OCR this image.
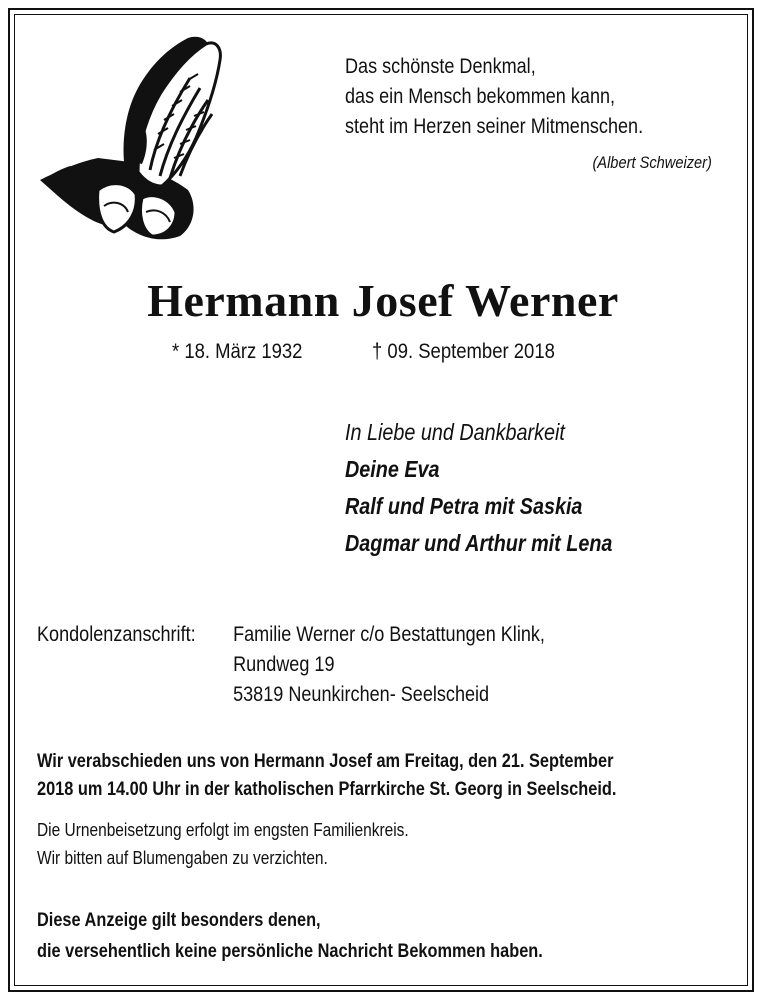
Das schönste Denkmal,
das ein Mensch bekommen kann,
steht im Herzen seiner Mitmenschen.
(Albert Schweizer)
Hermann Josef Werner
* 18. März 1932	† 09. September 2018
In Liebe und Dankbarkeit
Deine Eva
Ralf und Petra mit Saskia
Dagmar und Arthur mit Lena
Kondolenzanschrift:	Familie Werner c/o Bestattungen Klink,
Rundweg 19
53819 Neunkirchen- Seelscheid
Wir verabschieden uns von Hermann Josef am Freitag, den 21. September
2018 um 14.00 Uhr in der katholischen Pfarrkirche St. Georg in Seelscheid.
Die Urnenbeisetzung erfolgt im engsten Familienkreis.
Wir bitten auf Blumengaben zu verzichten.
Diese Anzeige gilt besonders denen,
die versehentlich keine persönliche Nachricht Bekommen haben.
